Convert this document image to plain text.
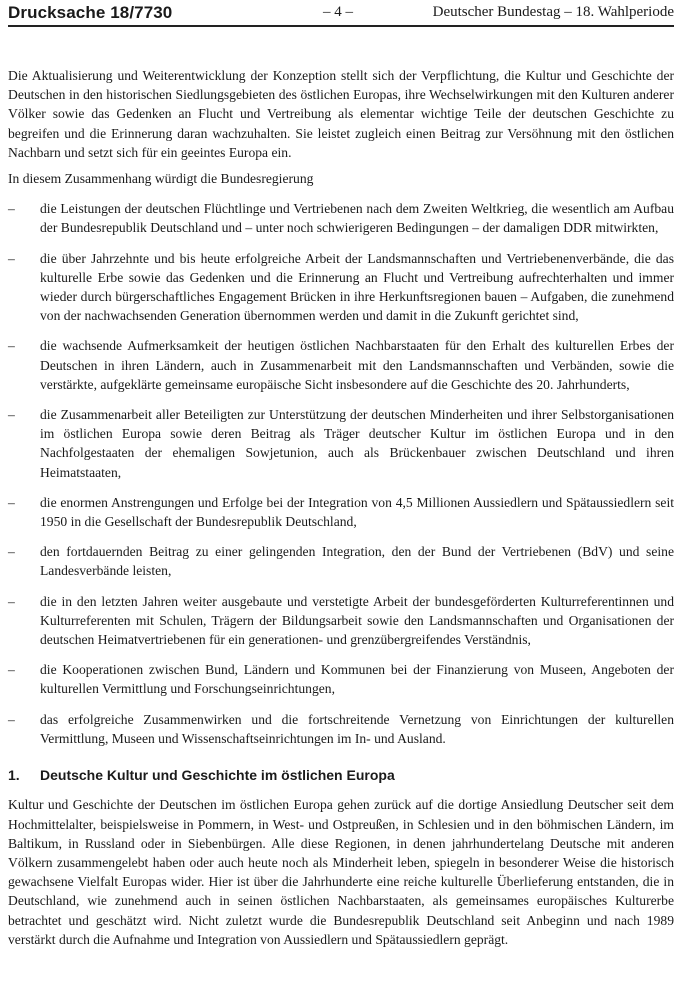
Drucksache 18/7730	– 4 –	Deutscher Bundestag – 18. Wahlperiode

Die Aktualisierung und Weiterentwicklung der Konzeption stellt sich der Verpflichtung, die Kultur und Geschichte der Deutschen in den historischen Siedlungsgebieten des östlichen Europas, ihre Wechselwirkungen mit den Kulturen anderer Völker sowie das Gedenken an Flucht und Vertreibung als elementar wichtige Teile der deutschen Geschichte zu begreifen und die Erinnerung daran wachzuhalten. Sie leistet zugleich einen Beitrag zur Versöhnung mit den östlichen Nachbarn und setzt sich für ein geeintes Europa ein.

In diesem Zusammenhang würdigt die Bundesregierung

– die Leistungen der deutschen Flüchtlinge und Vertriebenen nach dem Zweiten Weltkrieg, die wesentlich am Aufbau der Bundesrepublik Deutschland und – unter noch schwierigeren Bedingungen – der damaligen DDR mitwirkten,
– die über Jahrzehnte und bis heute erfolgreiche Arbeit der Landsmannschaften und Vertriebenenverbände, die das kulturelle Erbe sowie das Gedenken und die Erinnerung an Flucht und Vertreibung aufrechterhalten und immer wieder durch bürgerschaftliches Engagement Brücken in ihre Herkunftsregionen bauen – Aufgaben, die zunehmend von der nachwachsenden Generation übernommen werden und damit in die Zukunft gerichtet sind,
– die wachsende Aufmerksamkeit der heutigen östlichen Nachbarstaaten für den Erhalt des kulturellen Erbes der Deutschen in ihren Ländern, auch in Zusammenarbeit mit den Landsmannschaften und Verbänden, sowie die verstärkte, aufgeklärte gemeinsame europäische Sicht insbesondere auf die Geschichte des 20. Jahrhunderts,
– die Zusammenarbeit aller Beteiligten zur Unterstützung der deutschen Minderheiten und ihrer Selbstorganisationen im östlichen Europa sowie deren Beitrag als Träger deutscher Kultur im östlichen Europa und in den Nachfolgestaaten der ehemaligen Sowjetunion, auch als Brückenbauer zwischen Deutschland und ihren Heimatstaaten,
– die enormen Anstrengungen und Erfolge bei der Integration von 4,5 Millionen Aussiedlern und Spätaussiedlern seit 1950 in die Gesellschaft der Bundesrepublik Deutschland,
– den fortdauernden Beitrag zu einer gelingenden Integration, den der Bund der Vertriebenen (BdV) und seine Landesverbände leisten,
– die in den letzten Jahren weiter ausgebaute und verstetigte Arbeit der bundesgeförderten Kulturreferentinnen und Kulturreferenten mit Schulen, Trägern der Bildungsarbeit sowie den Landsmannschaften und Organisationen der deutschen Heimatvertriebenen für ein generationen- und grenzübergreifendes Verständnis,
– die Kooperationen zwischen Bund, Ländern und Kommunen bei der Finanzierung von Museen, Angeboten der kulturellen Vermittlung und Forschungseinrichtungen,
– das erfolgreiche Zusammenwirken und die fortschreitende Vernetzung von Einrichtungen der kulturellen Vermittlung, Museen und Wissenschaftseinrichtungen im In- und Ausland.
1. Deutsche Kultur und Geschichte im östlichen Europa

Kultur und Geschichte der Deutschen im östlichen Europa gehen zurück auf die dortige Ansiedlung Deutscher seit dem Hochmittelalter, beispielsweise in Pommern, in West- und Ostpreußen, in Schlesien und in den böhmischen Ländern, im Baltikum, in Russland oder in Siebenbürgen. Alle diese Regionen, in denen jahrhundertelang Deutsche mit anderen Völkern zusammengelebt haben oder auch heute noch als Minderheit leben, spiegeln in besonderer Weise die historisch gewachsene Vielfalt Europas wider. Hier ist über die Jahrhunderte eine reiche kulturelle Überlieferung entstanden, die in Deutschland, wie zunehmend auch in seinen östlichen Nachbarstaaten, als gemeinsames europäisches Kulturerbe betrachtet und geschätzt wird. Nicht zuletzt wurde die Bundesrepublik Deutschland seit Anbeginn und nach 1989 verstärkt durch die Aufnahme und Integration von Aussiedlern und Spätaussiedlern geprägt.
